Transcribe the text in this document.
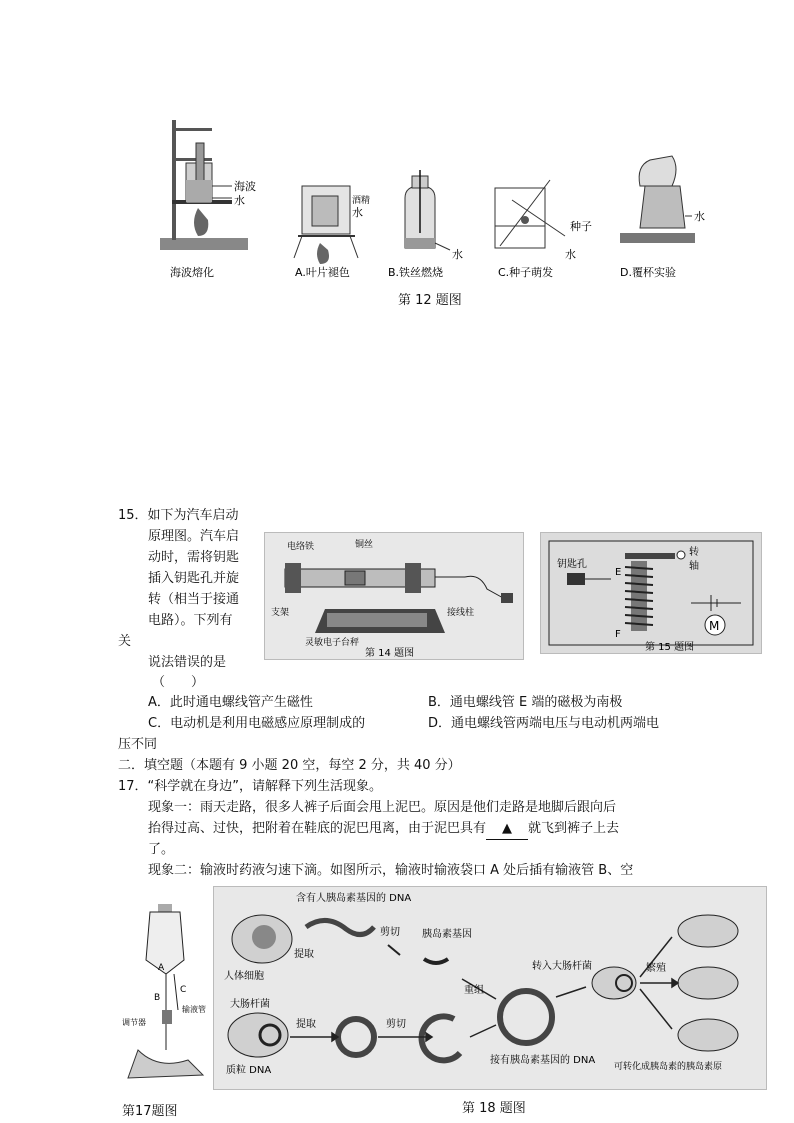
海波
水
海波熔化
酒精
水
A.叶片褪色
水
B.铁丝燃烧
种子
水
C.种子萌发
水
D.覆杯实验
第 12 题图
15．如下为汽车启动
原理图。汽车启
动时，需将钥匙
插入钥匙孔并旋
转（相当于接通
电路）。下列有
关
说法错误的是
（　　）
电络铁	铜丝
支架	接线柱
灵敏电子台秤
第 14 题图
M
钥匙孔
E
F
转
轴
第 15 题图
A．此时通电螺线管产生磁性	B．通电螺线管 E 端的磁极为南极
C．电动机是利用电磁感应原理制成的	D．通电螺线管两端电压与电动机两端电
压不同
二．填空题（本题有 9 小题 20 空，每空 2 分，共 40 分）
17．“科学就在身边”，请解释下列生活现象。
现象一：雨天走路，很多人裤子后面会甩上泥巴。原因是他们走路是地脚后跟向后
抬得过高、过快，把附着在鞋底的泥巴甩离，由于泥巴具有 ▲ 就飞到裤子上去
了。
现象二：输液时药液匀速下滴。如图所示，输液时输液袋口 A 处后插有输液管 B、空
A
B
C
输液管
调节器
第17题图
含有人胰岛素基因的 DNA
提取
剪切 胰岛素基因
人体细胞
转入大肠杆菌	繁殖
大肠杆菌
提取	剪切
重组
质粒 DNA
接有胰岛素基因的 DNA
可转化成胰岛素的胰岛素原
第 18 题图
